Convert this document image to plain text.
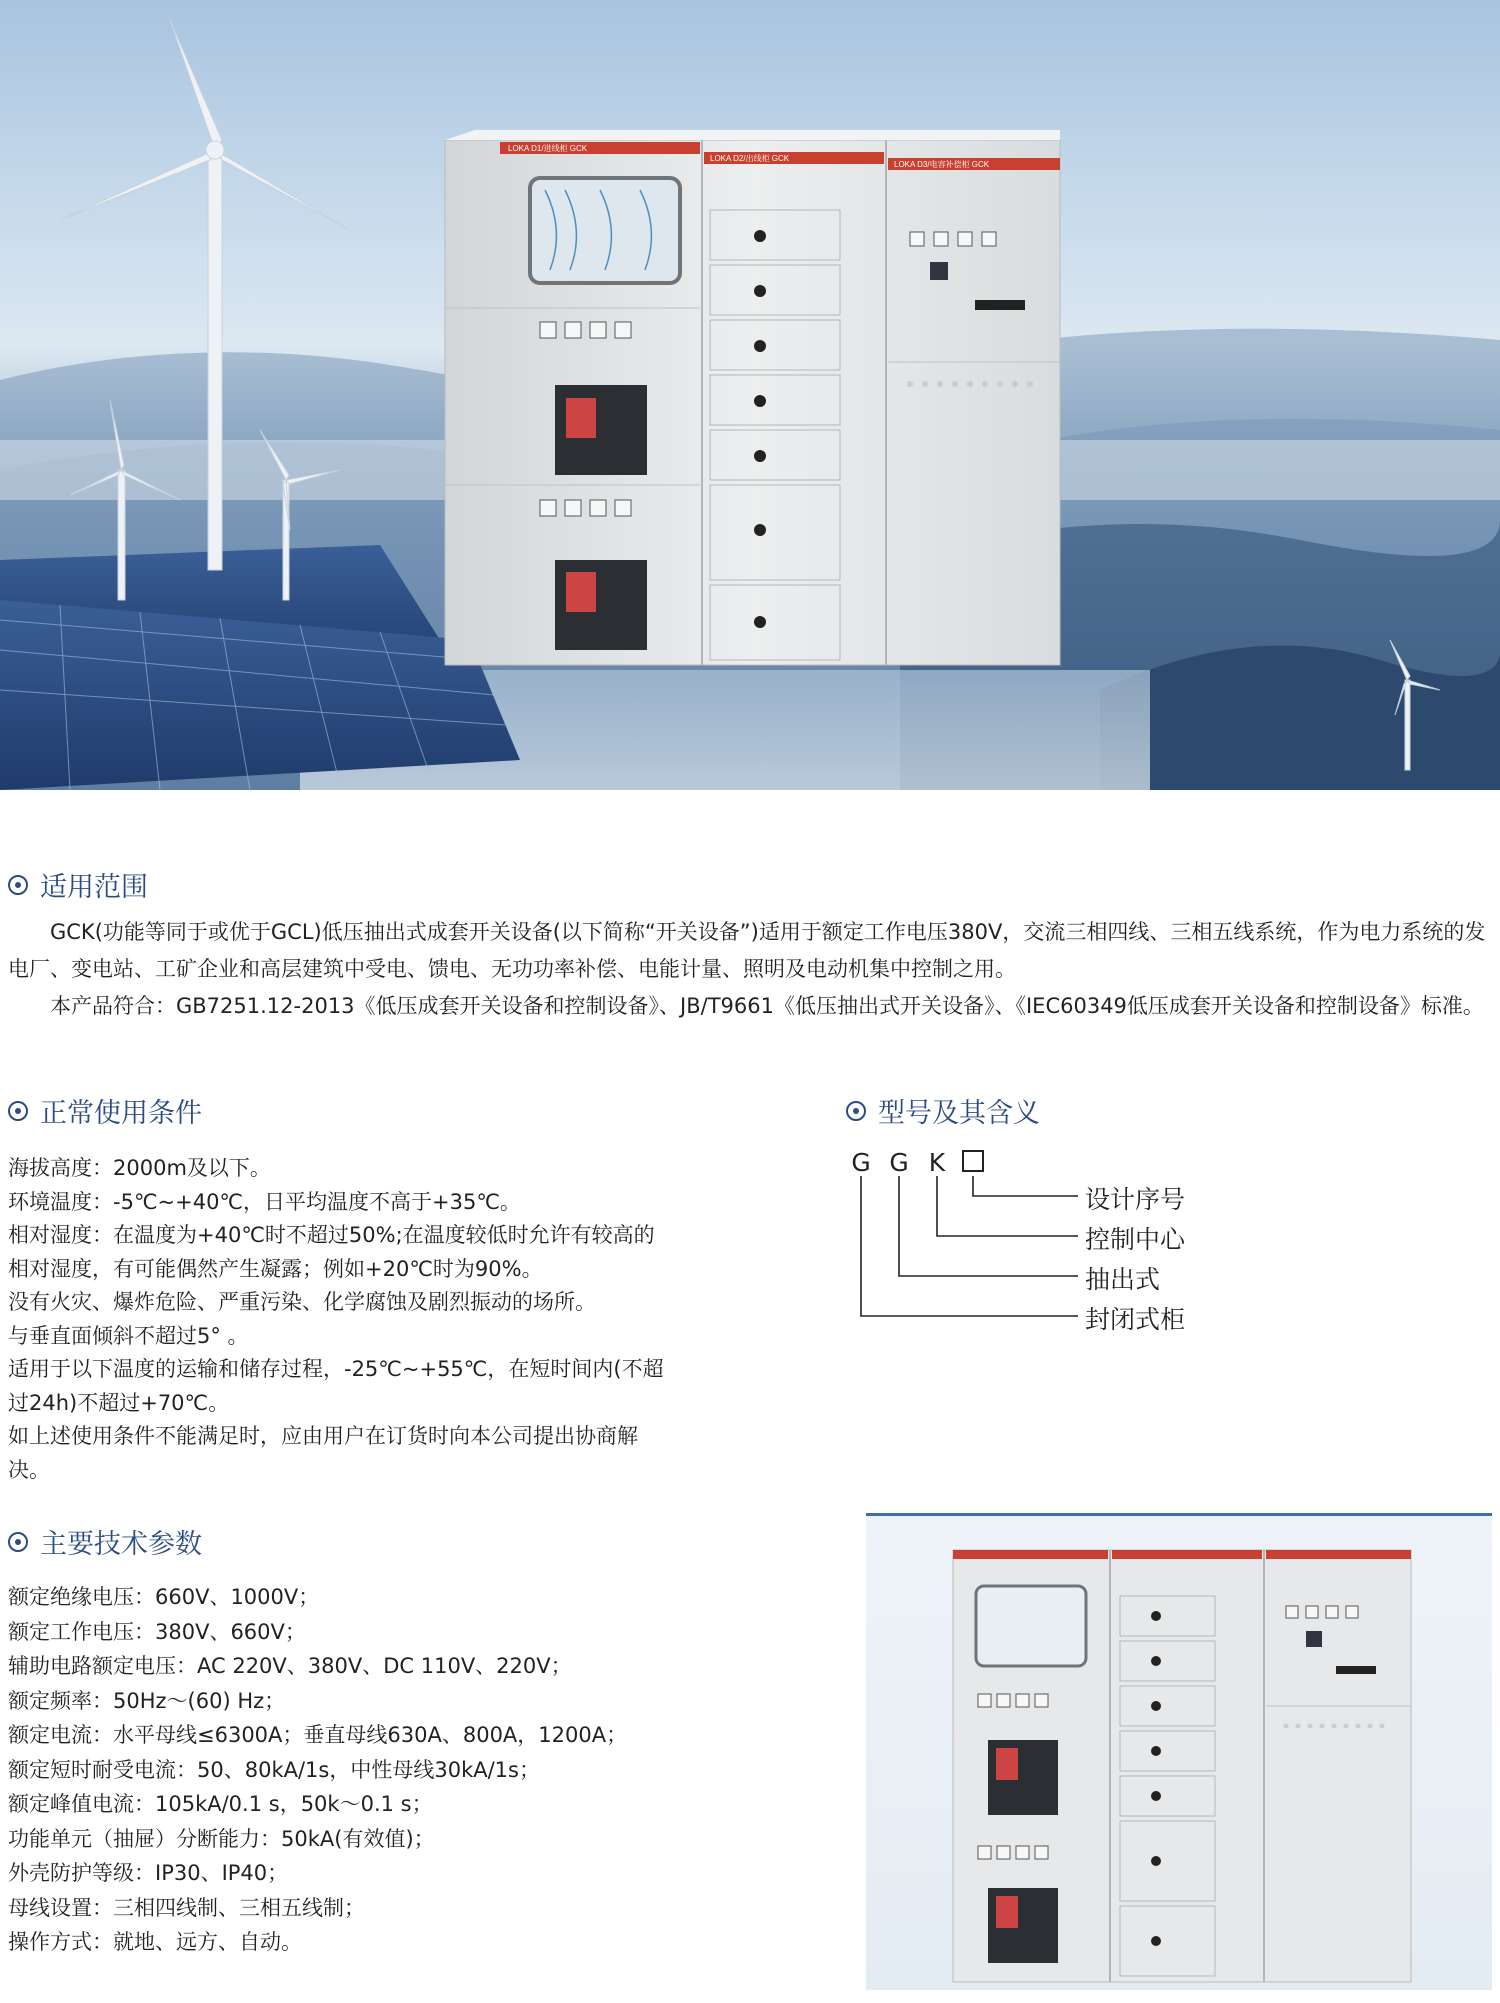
LOKA D1/进线柜 GCK
LOKA D2/出线柜 GCK
LOKA D3/电容补偿柜 GCK
适用范围
GCK(功能等同于或优于GCL)低压抽出式成套开关设备(以下简称“开关设备”)适用于额定工作电压380V，交流三相四线、三相五线系统，作为电力系统的发电厂、变电站、工矿企业和高层建筑中受电、馈电、无功功率补偿、电能计量、照明及电动机集中控制之用。
本产品符合：GB7251.12-2013《低压成套开关设备和控制设备》、JB/T9661《低压抽出式开关设备》、《IEC60349低压成套开关设备和控制设备》标准。
正常使用条件
海拔高度：2000m及以下。
环境温度：-5℃~+40℃，日平均温度不高于+35℃。
相对湿度：在温度为+40℃时不超过50%;在温度较低时允许有较高的
相对湿度，有可能偶然产生凝露；例如+20℃时为90%。
没有火灾、爆炸危险、严重污染、化学腐蚀及剧烈振动的场所。
与垂直面倾斜不超过5° 。
适用于以下温度的运输和储存过程，-25℃~+55℃，在短时间内(不超
过24h)不超过+70℃。
如上述使用条件不能满足时，应由用户在订货时向本公司提出协商解
决。
型号及其含义
G G K
设计序号
控制中心
抽出式
封闭式柜
主要技术参数
额定绝缘电压：660V、1000V；
额定工作电压：380V、660V；
辅助电路额定电压：AC 220V、380V、DC 110V、220V；
额定频率：50Hz～(60) Hz；
额定电流：水平母线≤6300A；垂直母线630A、800A，1200A；
额定短时耐受电流：50、80kA/1s，中性母线30kA/1s；
额定峰值电流：105kA/0.1 s，50k～0.1 s；
功能单元（抽屉）分断能力：50kA(有效值)；
外壳防护等级：IP30、IP40；
母线设置：三相四线制、三相五线制；
操作方式：就地、远方、自动。
